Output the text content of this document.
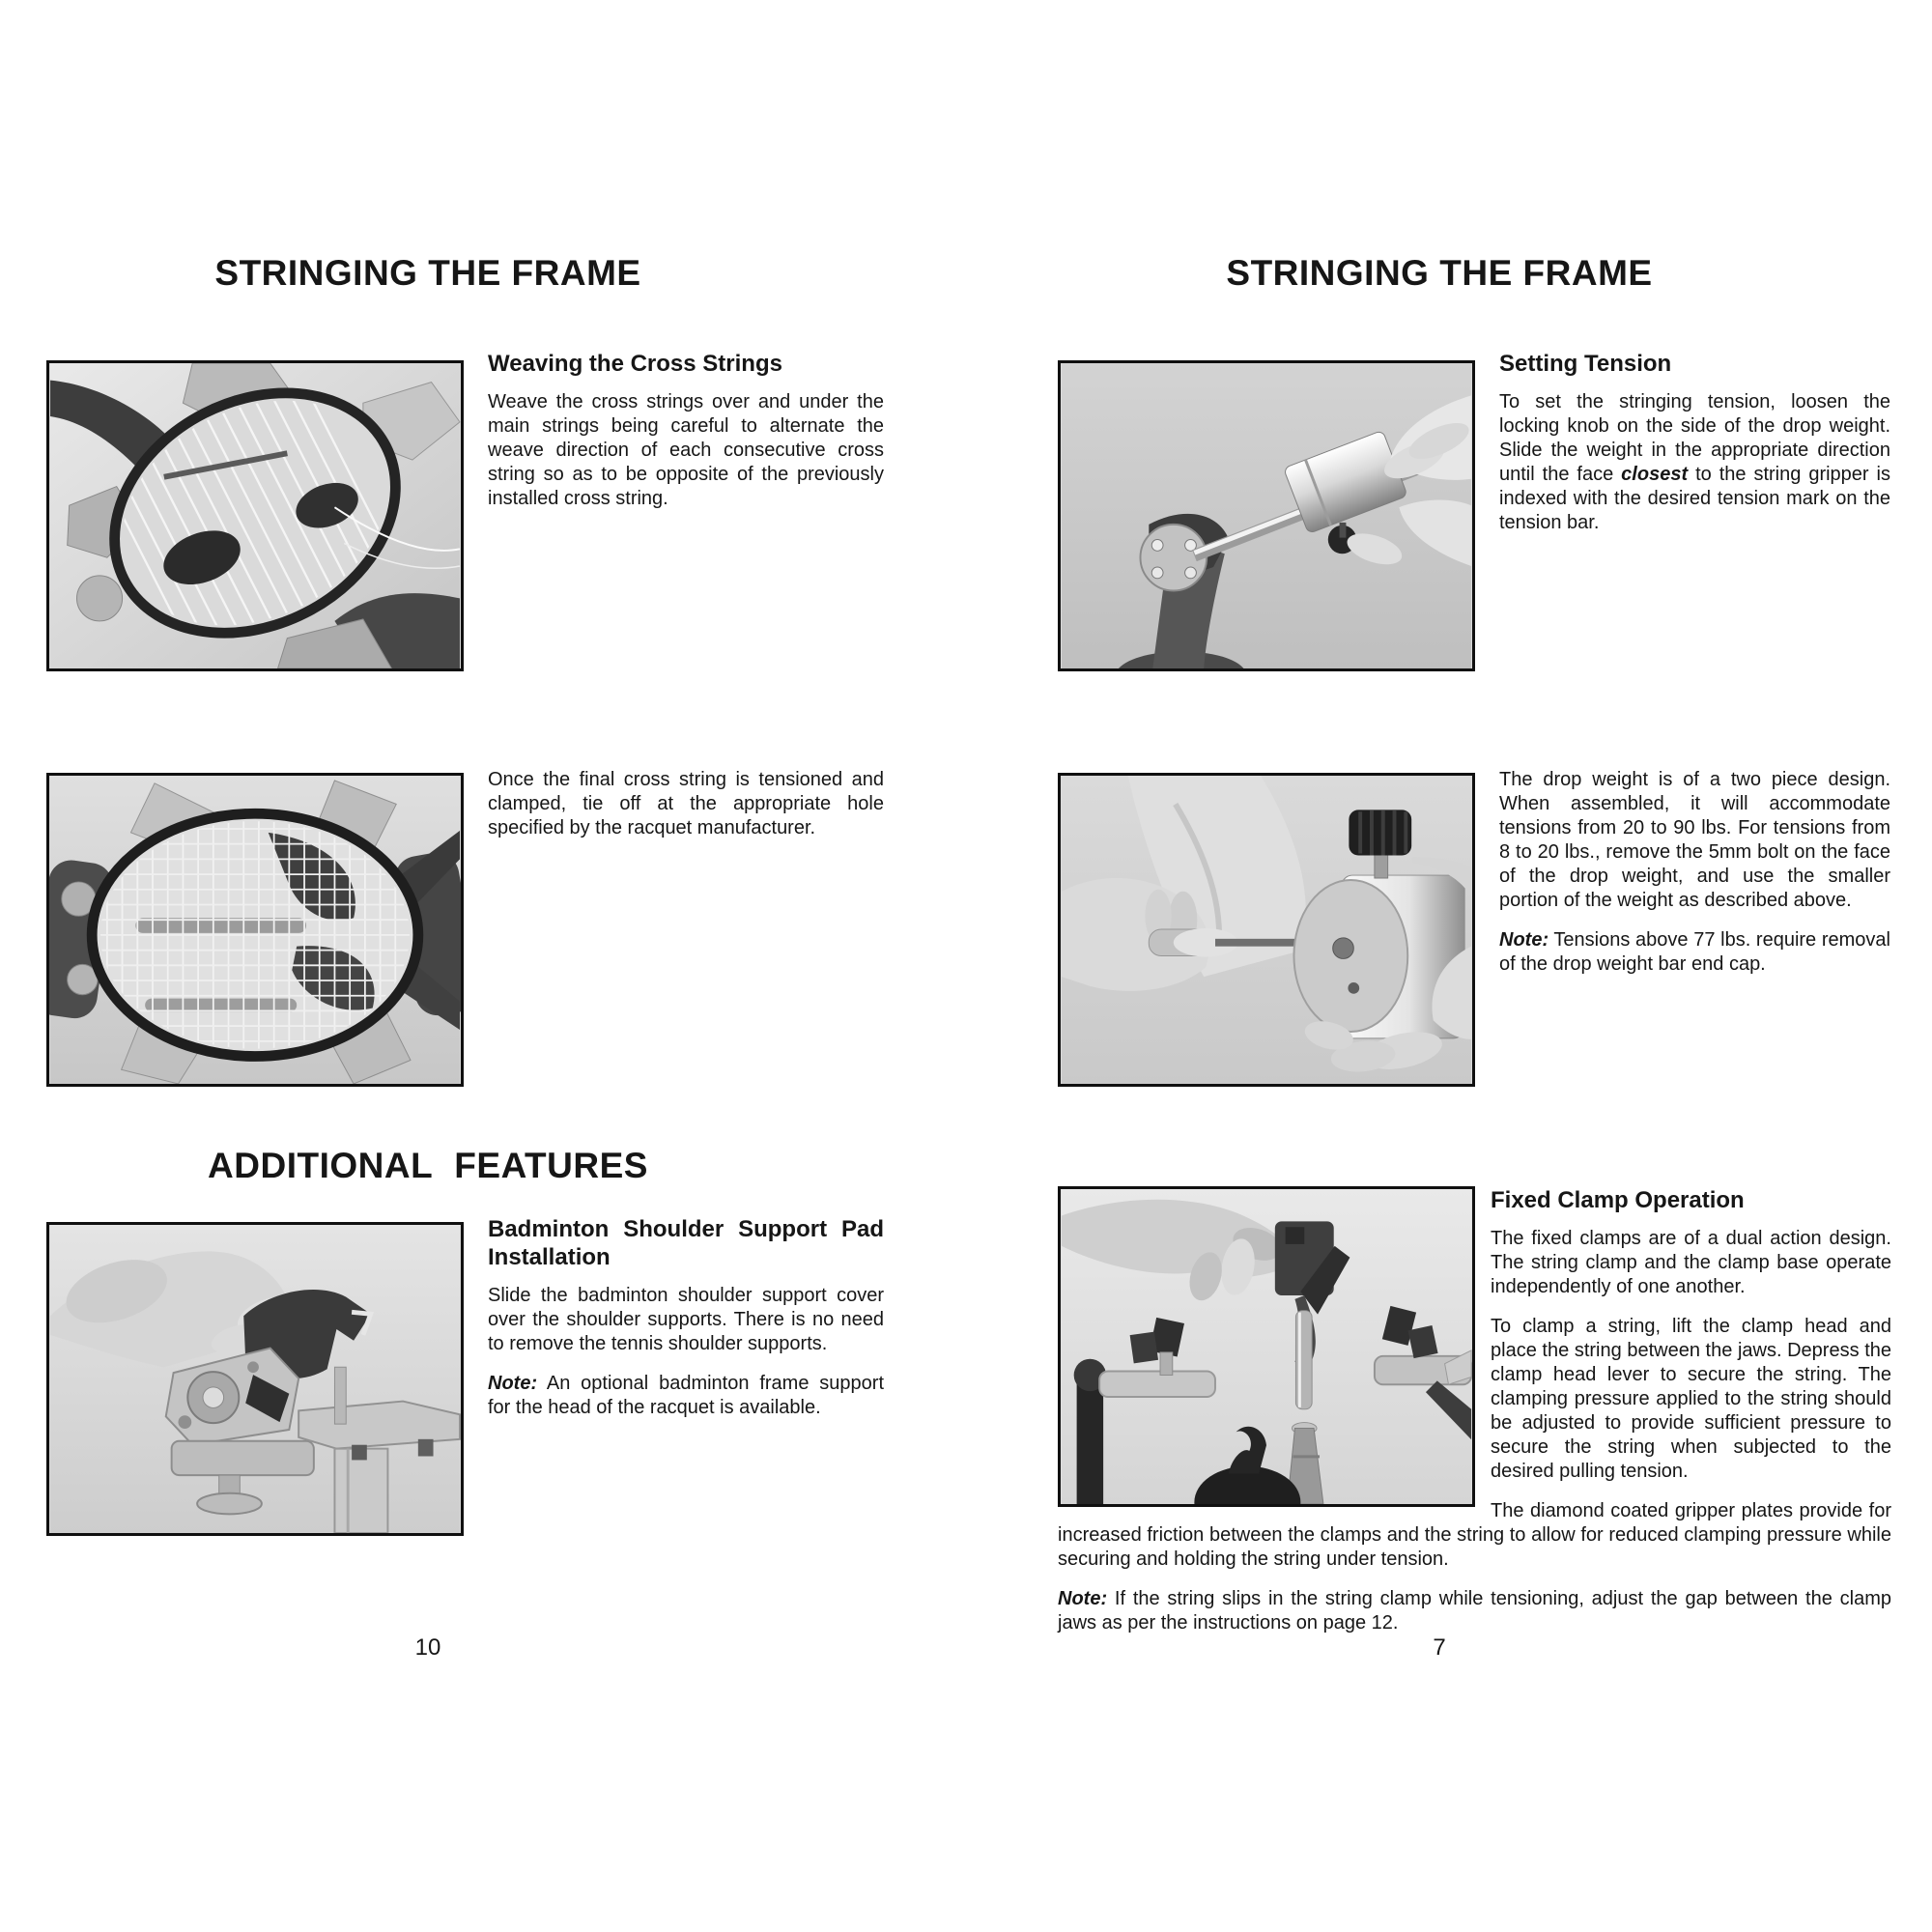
STRINGING THE FRAME
Weaving the Cross Strings

Weave the cross strings over and under the main strings being careful to alternate the weave direction of each consecutive cross string so as to be opposite of the previously installed cross string.

Once the final cross string is tensioned and clamped, tie off at the appropriate hole specified by the racquet manufacturer.

ADDITIONAL FEATURES
Badminton Shoulder Support Pad Installation

Slide the badminton shoulder support cover over the shoulder supports. There is no need to remove the tennis shoulder supports.

Note: An optional badminton frame support for the head of the racquet is available.

10

STRINGING THE FRAME
Setting Tension

To set the stringing tension, loosen the locking knob on the side of the drop weight. Slide the weight in the appropriate direction until the face closest to the string gripper is indexed with the desired tension mark on the tension bar.

The drop weight is of a two piece design. When assembled, it will accommodate tensions from 20 to 90 lbs. For tensions from 8 to 20 lbs., remove the 5mm bolt on the face of the drop weight, and use the smaller portion of the weight as described above.

Note: Tensions above 77 lbs. require removal of the drop weight bar end cap.

Fixed Clamp Operation

The fixed clamps are of a dual action design. The string clamp and the clamp base operate independently of one another.

To clamp a string, lift the clamp head and place the string between the jaws. Depress the clamp head lever to secure the string. The clamping pressure applied to the string should be adjusted to provide sufficient pressure to secure the string when subjected to the desired pulling tension.

The diamond coated gripper plates provide for increased friction between the clamps and the string to allow for reduced clamping pressure while securing and holding the string under tension.

Note: If the string slips in the string clamp while tensioning, adjust the gap between the clamp jaws as per the instructions on page 12.

7
